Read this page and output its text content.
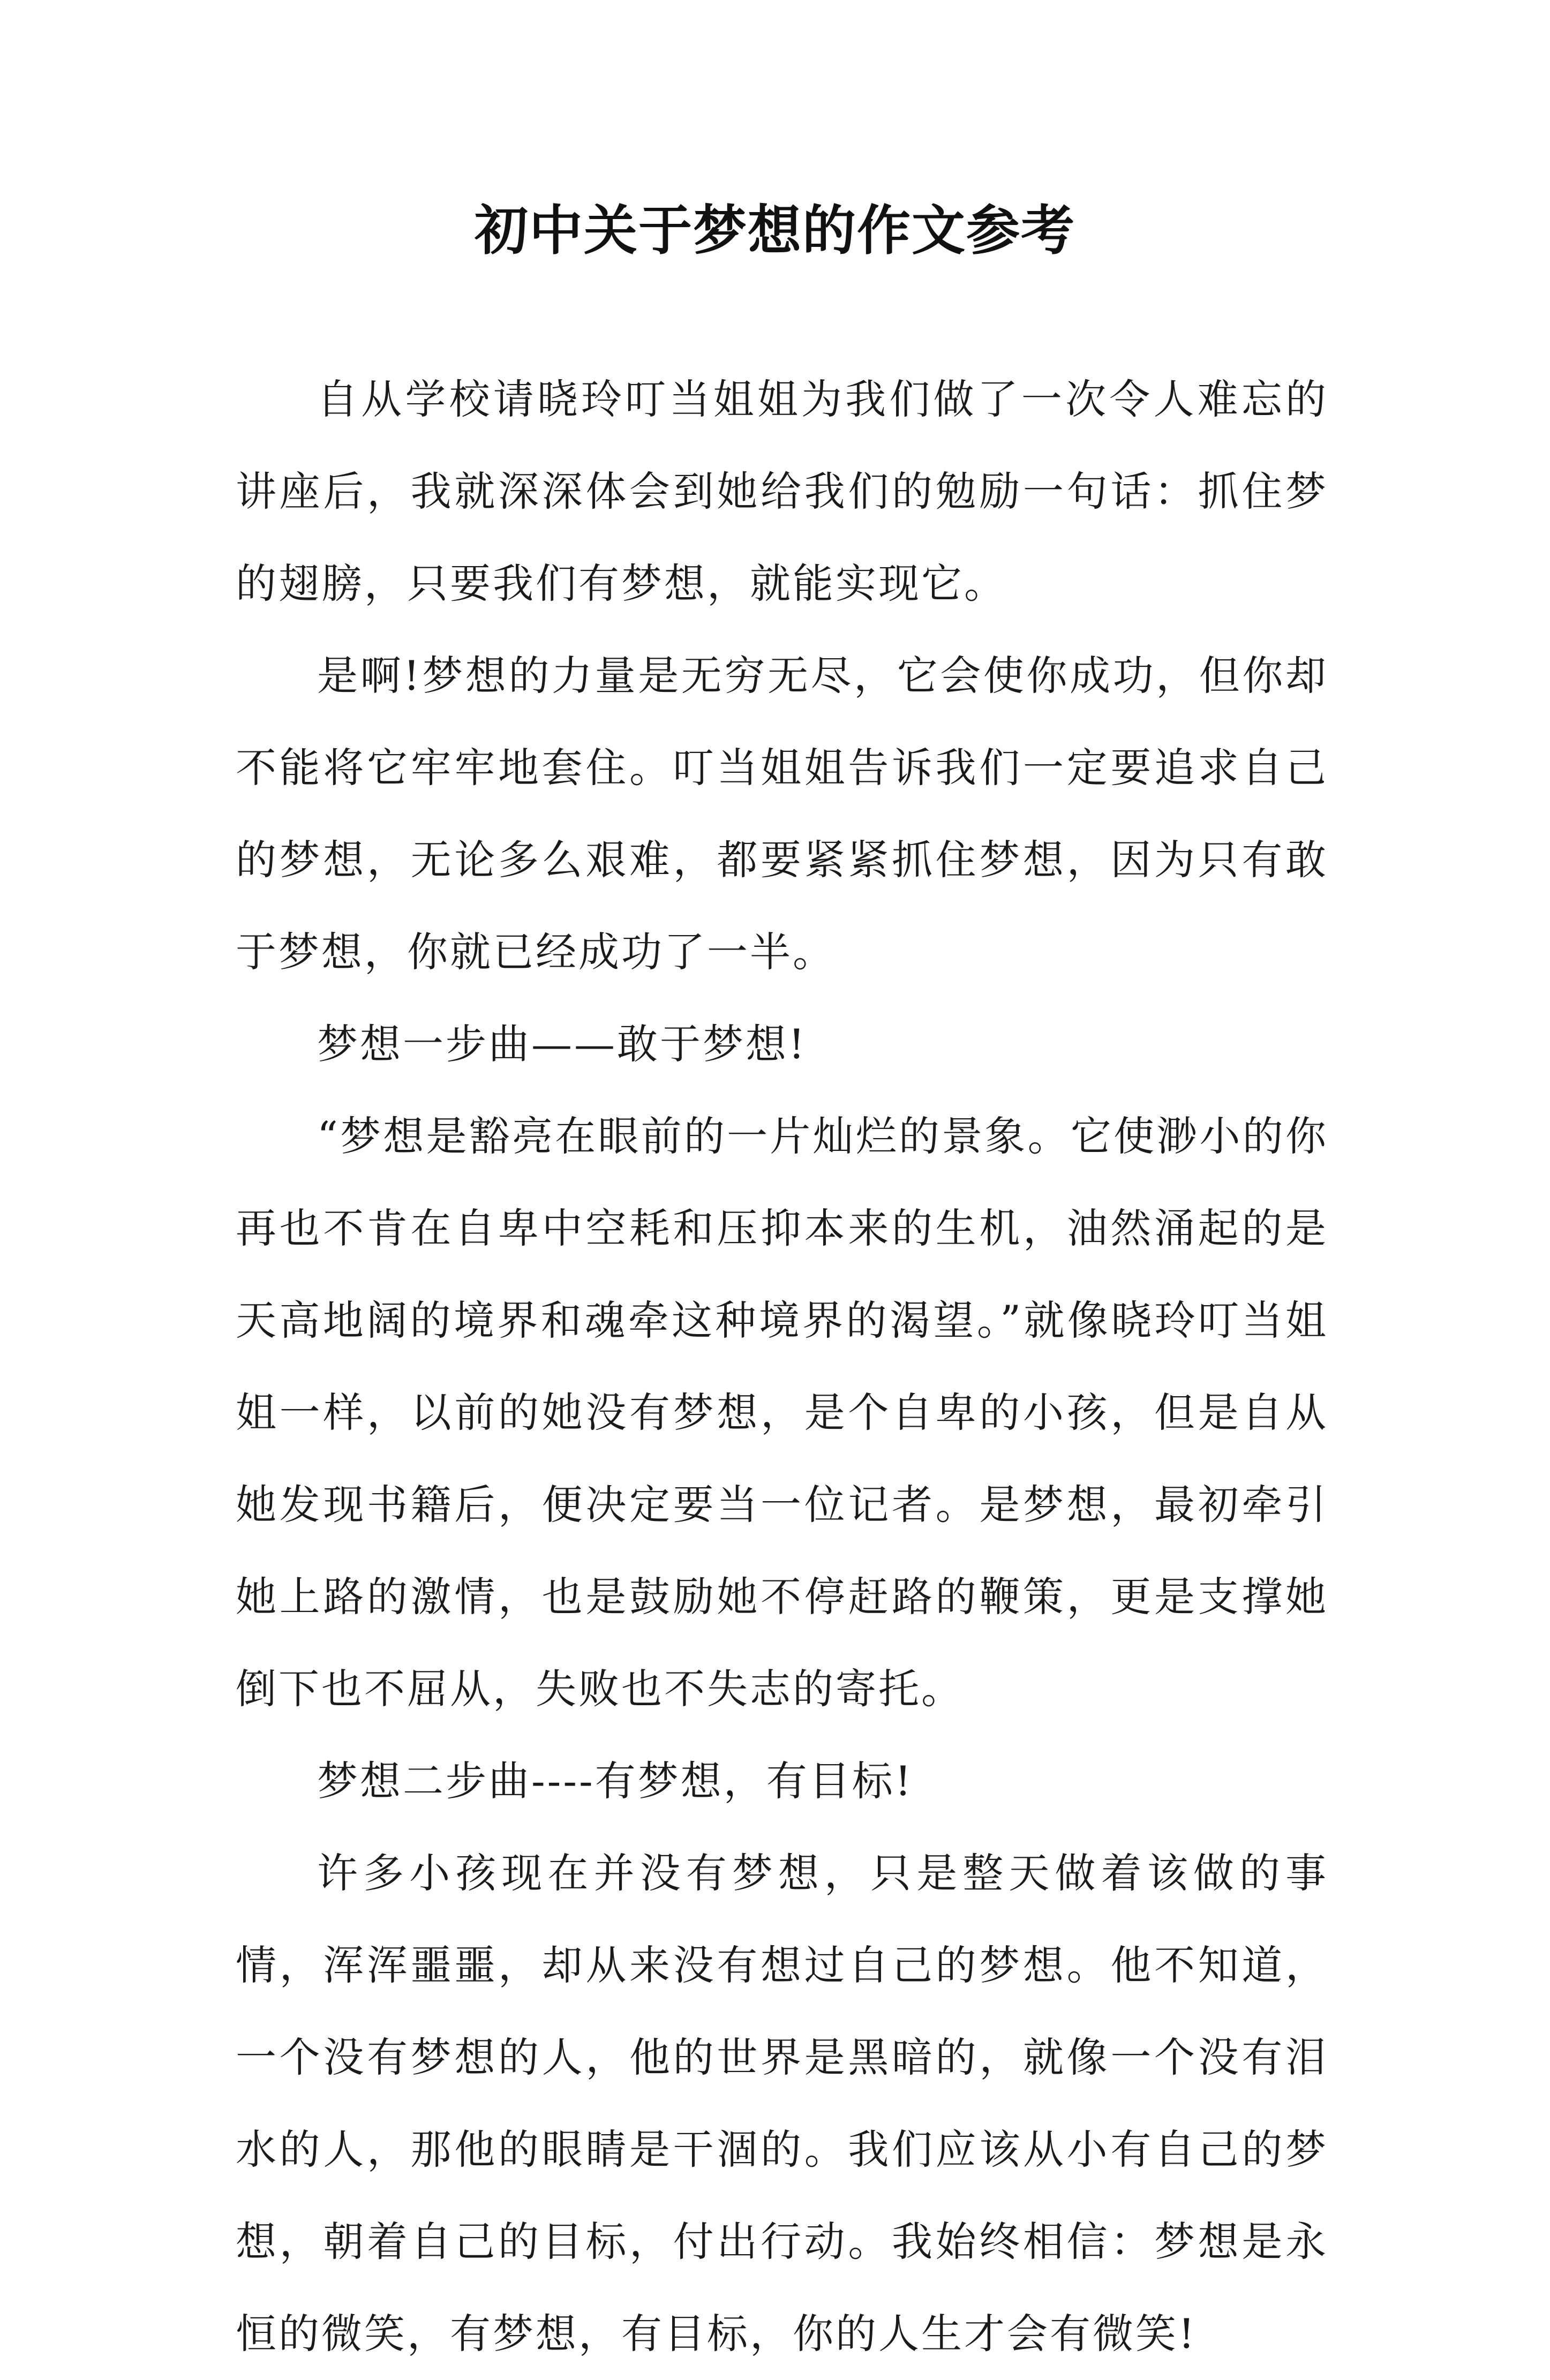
初中关于梦想的作文参考

自从学校请晓玲叮当姐姐为我们做了一次令人难忘的讲座后，我就深深体会到她给我们的勉励一句话：抓住梦的翅膀，只要我们有梦想，就能实现它。

是啊!梦想的力量是无穷无尽，它会使你成功，但你却不能将它牢牢地套住。叮当姐姐告诉我们一定要追求自己的梦想，无论多么艰难，都要紧紧抓住梦想，因为只有敢于梦想，你就已经成功了一半。

梦想一步曲——敢于梦想!

“梦想是豁亮在眼前的一片灿烂的景象。它使渺小的你再也不肯在自卑中空耗和压抑本来的生机，油然涌起的是天高地阔的境界和魂牵这种境界的渴望。”就像晓玲叮当姐姐一样，以前的她没有梦想，是个自卑的小孩，但是自从她发现书籍后，便决定要当一位记者。是梦想，最初牵引她上路的激情，也是鼓励她不停赶路的鞭策，更是支撑她倒下也不屈从，失败也不失志的寄托。

梦想二步曲----有梦想，有目标!

许多小孩现在并没有梦想，只是整天做着该做的事情，浑浑噩噩，却从来没有想过自己的梦想。他不知道，一个没有梦想的人，他的世界是黑暗的，就像一个没有泪水的人，那他的眼睛是干涸的。我们应该从小有自己的梦想，朝着自己的目标，付出行动。我始终相信：梦想是永恒的微笑，有梦想，有目标，你的人生才会有微笑!
